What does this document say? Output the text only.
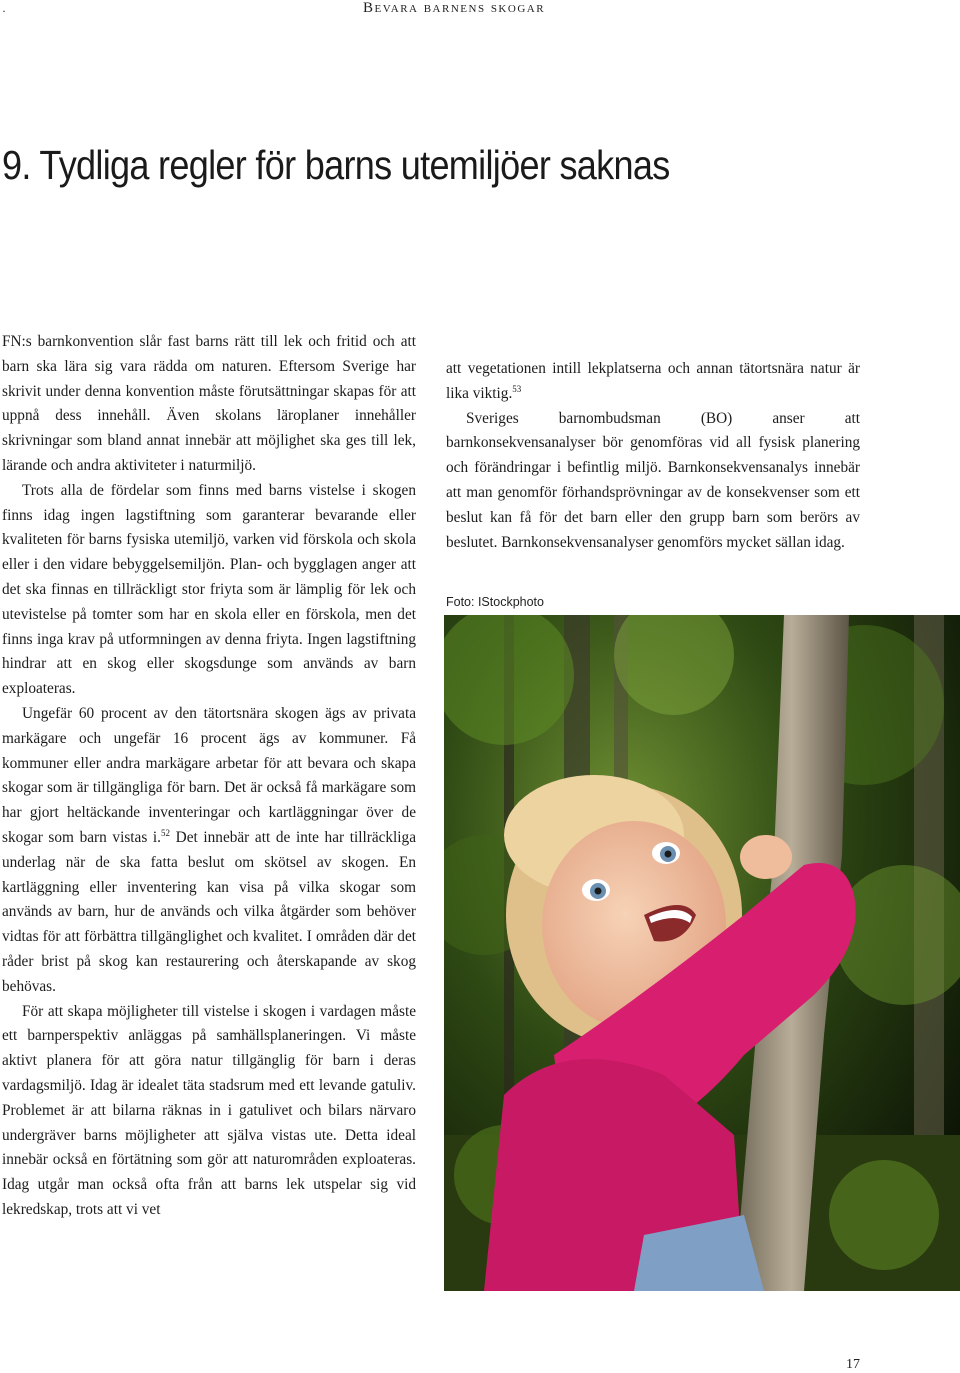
·	Bevara barnens skogar
9. Tydliga regler för barns utemiljöer saknas

FN:s barnkonvention slår fast barns rätt till lek och fritid och att barn ska lära sig vara rädda om naturen. Eftersom Sverige har skrivit under denna konvention måste förutsättningar skapas för att uppnå dess innehåll. Även skolans läroplaner innehåller skrivningar som bland annat innebär att möjlighet ska ges till lek, lärande och andra aktiviteter i naturmiljö.

Trots alla de fördelar som finns med barns vistelse i skogen finns idag ingen lagstiftning som garanterar bevarande eller kvaliteten för barns fysiska utemiljö, varken vid förskola och skola eller i den vidare bebyggelsemiljön. Plan- och bygglagen anger att det ska finnas en tillräckligt stor friyta som är lämplig för lek och utevistelse på tomter som har en skola eller en förskola, men det finns inga krav på utformningen av denna friyta. Ingen lagstiftning hindrar att en skog eller skogsdunge som används av barn exploateras.

Ungefär 60 procent av den tätortsnära skogen ägs av privata markägare och ungefär 16 procent ägs av kommuner. Få kommuner eller andra markägare arbetar för att bevara och skapa skogar som är tillgängliga för barn. Det är också få markägare som har gjort heltäckande inventeringar och kartläggningar över de skogar som barn vistas i.$^{52}$ Det innebär att de inte har tillräckliga underlag när de ska fatta beslut om skötsel av skogen. En kartläggning eller inventering kan visa på vilka skogar som används av barn, hur de används och vilka åtgärder som behöver vidtas för att förbättra tillgänglighet och kvalitet. I områden där det råder brist på skog kan restaurering och återskapande av skog behövas.

För att skapa möjligheter till vistelse i skogen i vardagen måste ett barnperspektiv anläggas på samhällsplaneringen. Vi måste aktivt planera för att göra natur tillgänglig för barn i deras vardagsmiljö. Idag är idealet täta stadsrum med ett levande gatuliv. Problemet är att bilarna räknas in i gatulivet och bilars närvaro undergräver barns möjligheter att själva vistas ute. Detta ideal innebär också en förtätning som gör att naturområden exploateras. Idag utgår man också ofta från att barns lek utspelar sig vid lekredskap, trots att vi vet

att vegetationen intill lekplatserna och annan tätortsnära natur är lika viktig.$^{53}$

Sveriges barnombudsman (BO) anser att barnkonsekvensanalyser bör genomföras vid all fysisk planering och förändringar i befintlig miljö. Barnkonsekvensanalys innebär att man genomför förhandsprövningar av de konsekvenser som ett beslut kan få för det barn eller den grupp barn som berörs av beslutet. Barnkonsekvensanalyser genomförs mycket sällan idag.

Foto: IStockphoto
17
